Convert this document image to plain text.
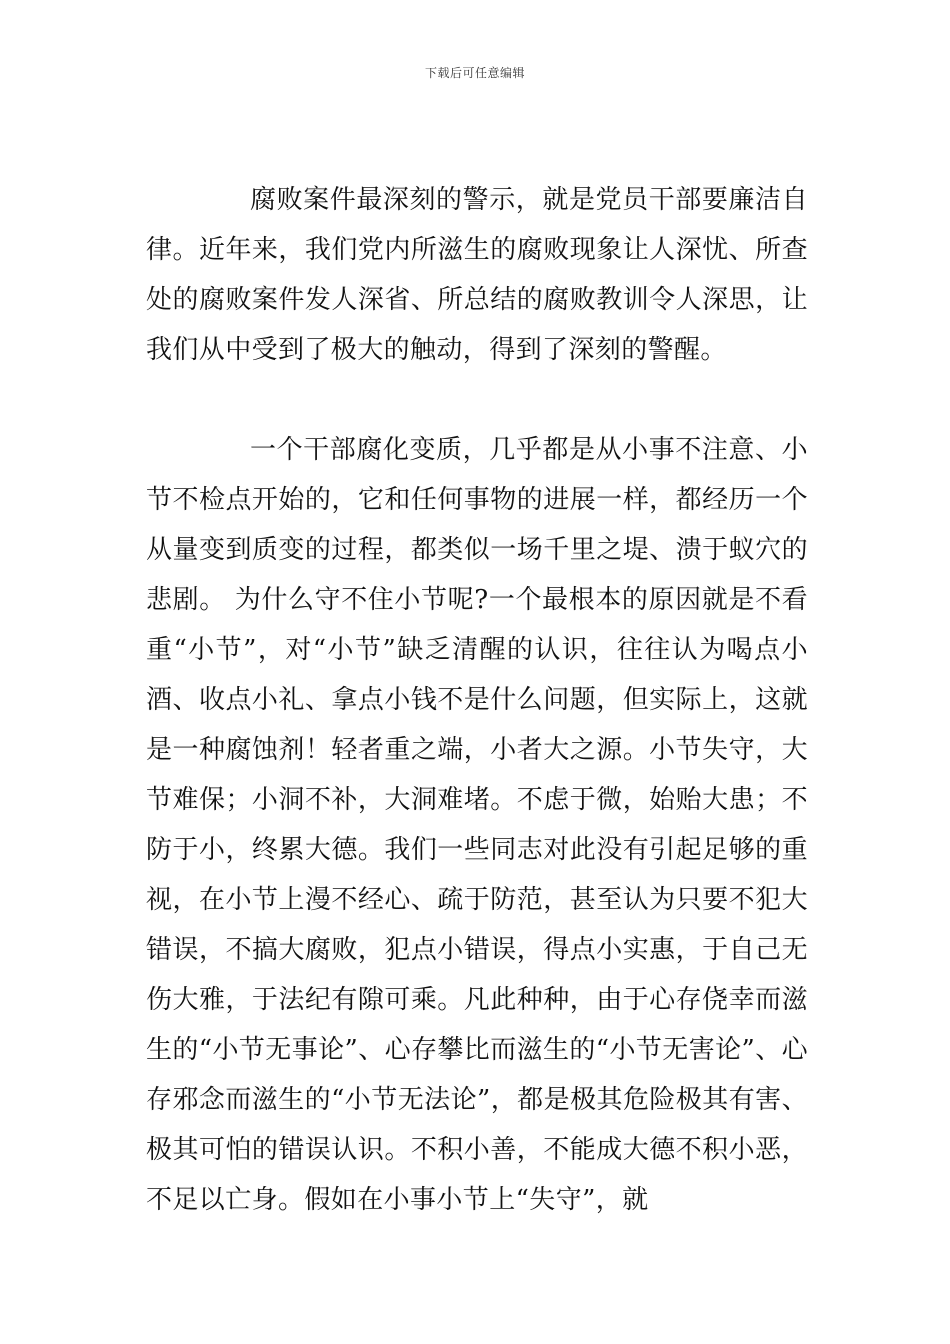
下载后可任意编辑

腐败案件最深刻的警示，就是党员干部要廉洁自律。近年来，我们党内所滋生的腐败现象让人深忧、所查处的腐败案件发人深省、所总结的腐败教训令人深思，让我们从中受到了极大的触动，得到了深刻的警醒。

一个干部腐化变质，几乎都是从小事不注意、小节不检点开始的，它和任何事物的进展一样，都经历一个从量变到质变的过程，都类似一场千里之堤、溃于蚁穴的悲剧。 为什么守不住小节呢?一个最根本的原因就是不看重“小节”，对“小节”缺乏清醒的认识，往往认为喝点小酒、收点小礼、拿点小钱不是什么问题，但实际上，这就是一种腐蚀剂！轻者重之端，小者大之源。小节失守，大节难保；小洞不补，大洞难堵。不虑于微，始贻大患；不防于小，终累大德。我们一些同志对此没有引起足够的重视，在小节上漫不经心、疏于防范，甚至认为只要不犯大错误，不搞大腐败，犯点小错误，得点小实惠，于自己无伤大雅，于法纪有隙可乘。凡此种种，由于心存侥幸而滋生的“小节无事论”、心存攀比而滋生的“小节无害论”、心存邪念而滋生的“小节无法论”，都是极其危险极其有害、极其可怕的错误认识。不积小善，不能成大德不积小恶，不足以亡身。假如在小事小节上“失守”，就
